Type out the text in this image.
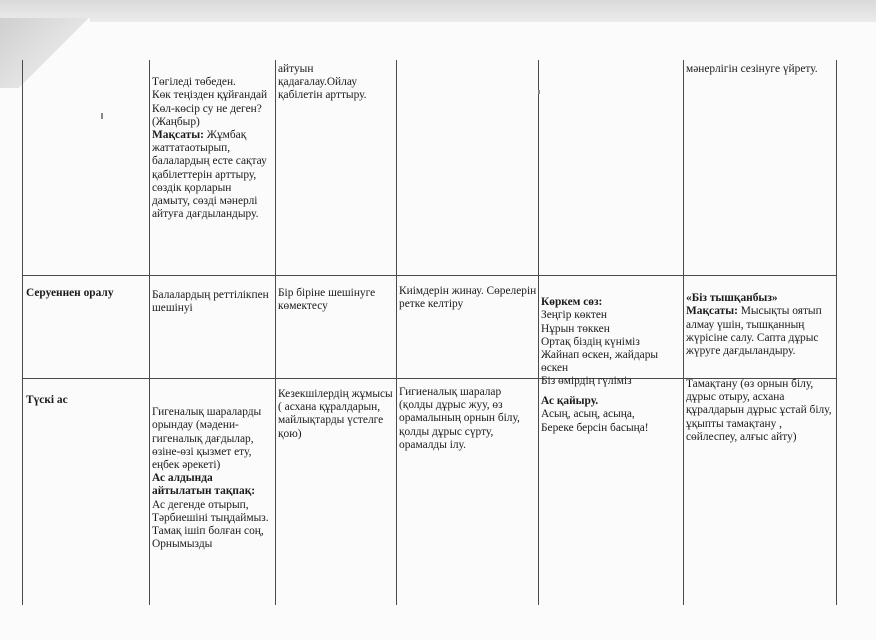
Төгіледі төбеден.
Көк теңізден құйғандай
Көл-көсір су не деген?
(Жаңбыр)
Мақсаты: Жұмбақ жаттатаотырып, балалардың есте сақтау қабілеттерін арттыру, сөздік қорларын дамыту, сөзді мәнерлі айтуға дағдыландыру.

айтуын қадағалау.Ойлау қабілетін арттыру.
мәнерлігін сезінуге үйрету.
Серуеннен оралу	Балалардың реттілікпен шешінуі
Бір біріне шешінуге көмектесу
Киімдерін жинау. Сөрелерін ретке келтіру	Көркем сөз:
Зеңгір көктен
Нұрын төккен
Ортақ біздің күніміз
Жайнап өскен, жайдары өскен
Біз өмірдің гүліміз

«Біз тышқанбыз»
Мақсаты: Мысықты оятып алмау үшін, тышқанның жүрісіне салу. Сапта дұрыс жүруге дағдыландыру.

Түскі ас

Гигеналық шараларды орындау (мәдени-гигеналық дағдылар, өзіне-өзі қызмет ету, еңбек әрекеті)
Ас алдында айтылатын тақпақ:
Ас дегенде отырып,
Тәрбиешіні тыңдаймыз.
Тамақ ішіп болған соң,
Орнымызды

Кезекшілердің жұмысы ( асхана құралдарын, майлықтарды үстелге қою)
Гигиеналық шаралар (қолды дұрыс жуу, өз орамалының орнын білу, қолды дұрыс сүрту, орамалды ілу.

Ас қайыру.
Асың, асың, асыңа,
Береке берсін басыңа!

Тамақтану (өз орнын білу, дұрыс отыру, асхана құралдарын дұрыс ұстай білу, ұқыпты тамақтану , сөйлеспеу, алғыс айту)
